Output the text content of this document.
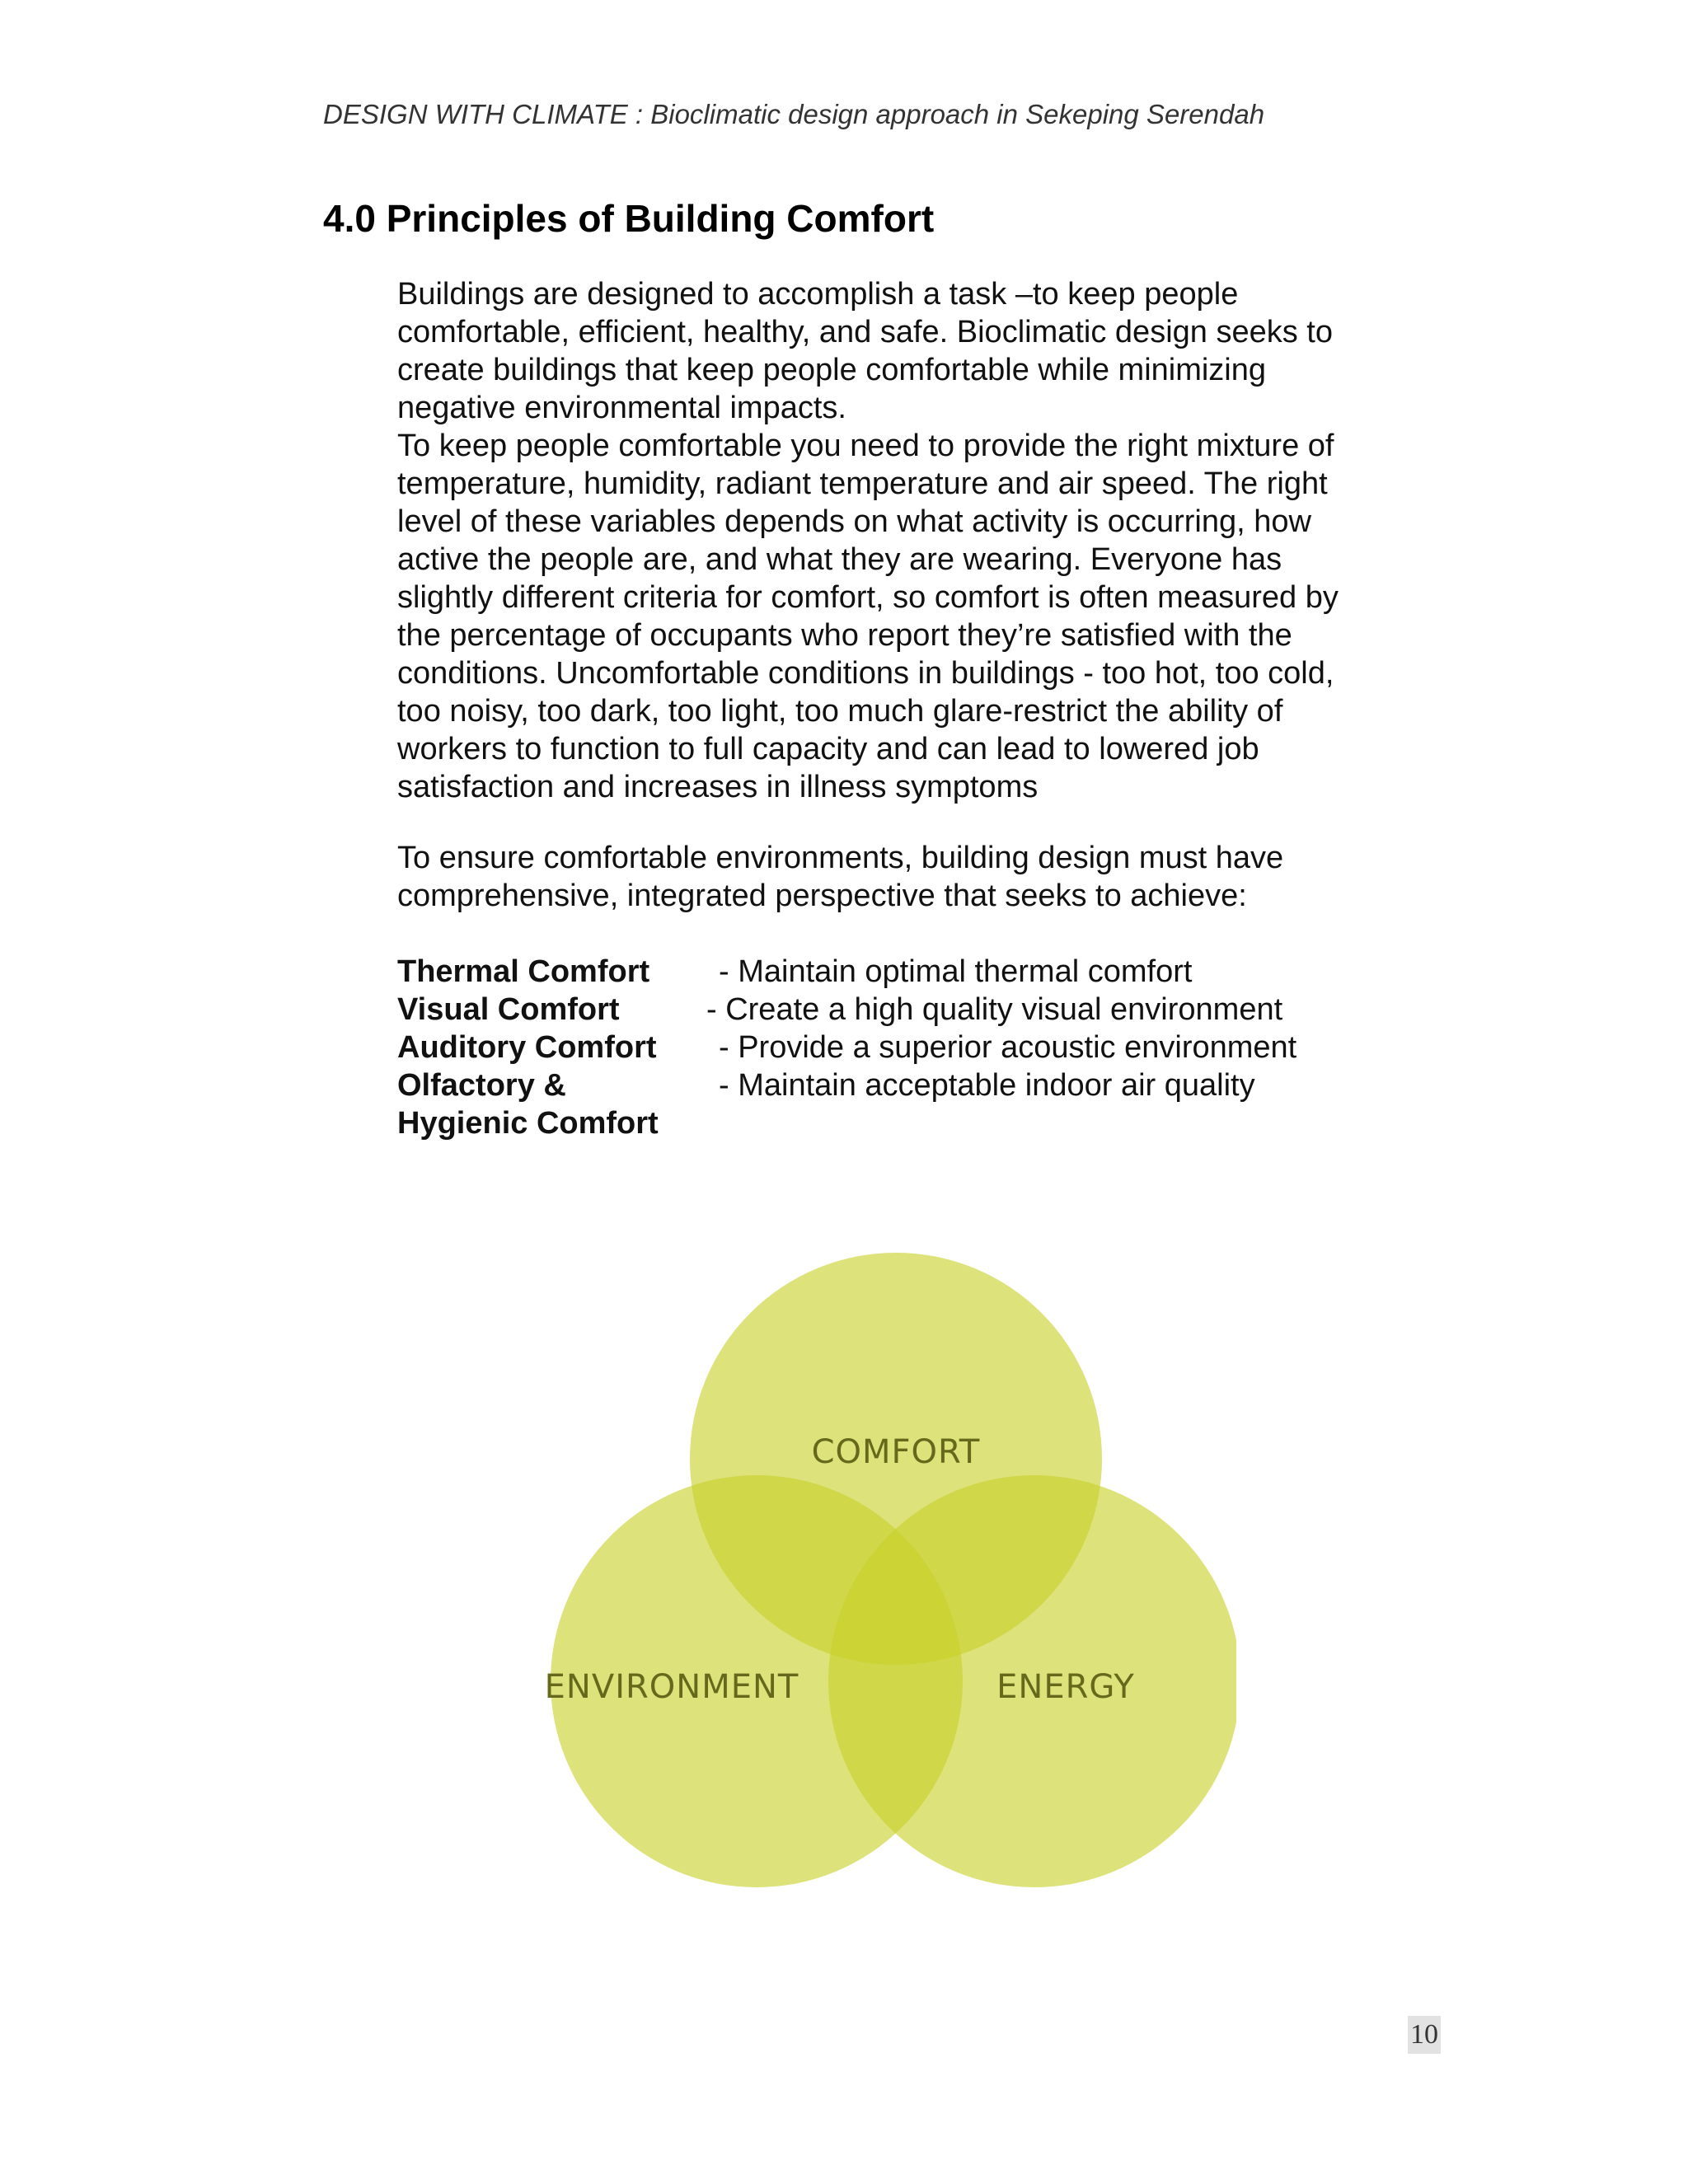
DESIGN WITH CLIMATE : Bioclimatic design approach in Sekeping Serendah
4.0 Principles of Building Comfort
Buildings are designed to accomplish a task –to keep people
comfortable, efficient, healthy, and safe. Bioclimatic design seeks to
create buildings that keep people comfortable while minimizing
negative environmental impacts.
To keep people comfortable you need to provide the right mixture of
temperature, humidity, radiant temperature and air speed. The right
level of these variables depends on what activity is occurring, how
active the people are, and what they are wearing. Everyone has
slightly different criteria for comfort, so comfort is often measured by
the percentage of occupants who report they’re satisfied with the
conditions. Uncomfortable conditions in buildings - too hot, too cold,
too noisy, too dark, too light, too much glare-restrict the ability of
workers to function to full capacity and can lead to lowered job
satisfaction and increases in illness symptoms
To ensure comfortable environments, building design must have
comprehensive, integrated perspective that seeks to achieve:
Thermal Comfort - Maintain optimal thermal comfort
Visual Comfort	- Create a high quality visual environment
Auditory Comfort - Provide a superior acoustic environment
Olfactory &	- Maintain acceptable indoor air quality
Hygienic Comfort
COMFORT
ENVIRONMENT	ENERGY
10
